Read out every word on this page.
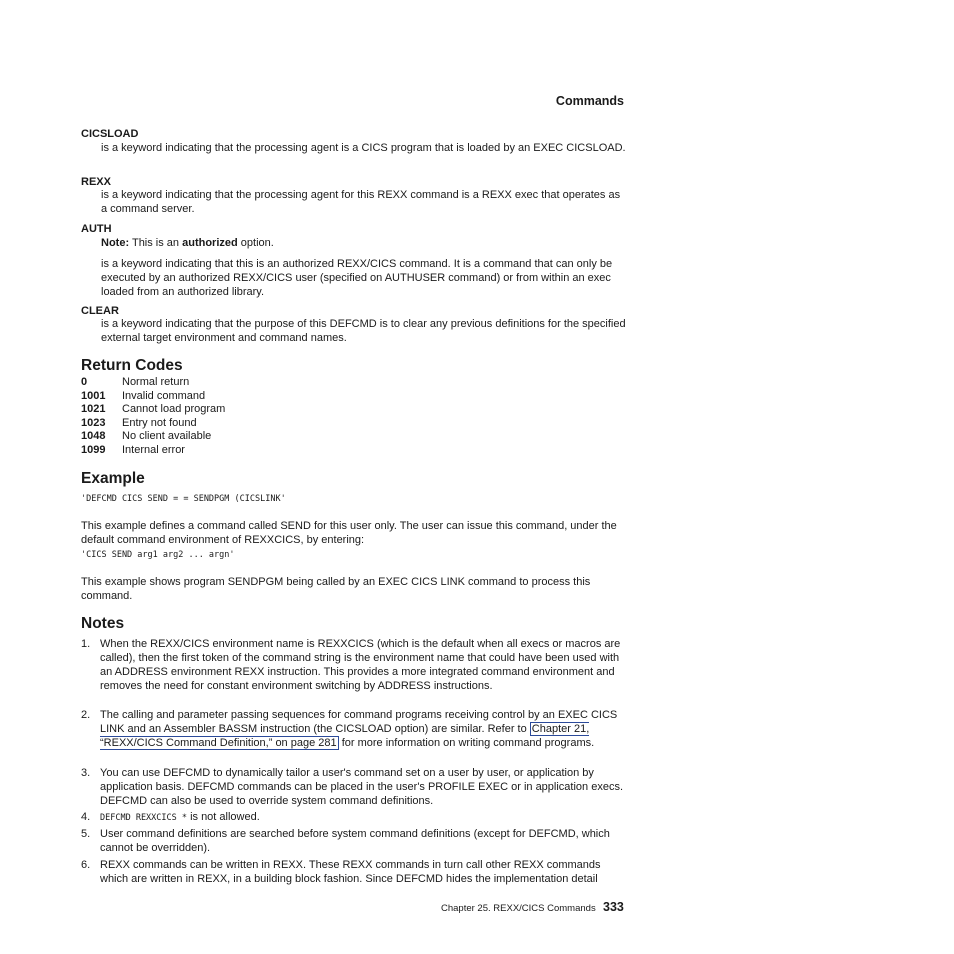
Commands
CICSLOAD
is a keyword indicating that the processing agent is a CICS program that is loaded by an EXEC CICSLOAD.
REXX
is a keyword indicating that the processing agent for this REXX command is a REXX exec that operates as a command server.
AUTH
Note: This is an authorized option.
is a keyword indicating that this is an authorized REXX/CICS command. It is a command that can only be executed by an authorized REXX/CICS user (specified on AUTHUSER command) or from within an exec loaded from an authorized library.
CLEAR
is a keyword indicating that the purpose of this DEFCMD is to clear any previous definitions for the specified external target environment and command names.
Return Codes
0	Normal return
1001 Invalid command
1021 Cannot load program
1023 Entry not found
1048 No client available
1099 Internal error
Example
'DEFCMD CICS SEND = = SENDPGM (CICSLINK'
This example defines a command called SEND for this user only. The user can issue this command, under the default command environment of REXXCICS, by entering:
'CICS SEND arg1 arg2 ... argn'
This example shows program SENDPGM being called by an EXEC CICS LINK command to process this command.
Notes
1. When the REXX/CICS environment name is REXXCICS (which is the default when all execs or macros are called), then the first token of the command string is the environment name that could have been used with an ADDRESS environment REXX instruction. This provides a more integrated command environment and removes the need for constant environment switching by ADDRESS instructions.
2. The calling and parameter passing sequences for command programs receiving control by an EXEC CICS LINK and an Assembler BASSM instruction (the CICSLOAD option) are similar. Refer to Chapter 21, “REXX/CICS Command Definition,” on page 281 for more information on writing command programs.
3. You can use DEFCMD to dynamically tailor a user's command set on a user by user, or application by application basis. DEFCMD commands can be placed in the user's PROFILE EXEC or in application execs. DEFCMD can also be used to override system command definitions.
4. DEFCMD REXXCICS * is not allowed.
5. User command definitions are searched before system command definitions (except for DEFCMD, which cannot be overridden).
6. REXX commands can be written in REXX. These REXX commands in turn call other REXX commands which are written in REXX, in a building block fashion. Since DEFCMD hides the implementation detail
Chapter 25. REXX/CICS Commands 333
